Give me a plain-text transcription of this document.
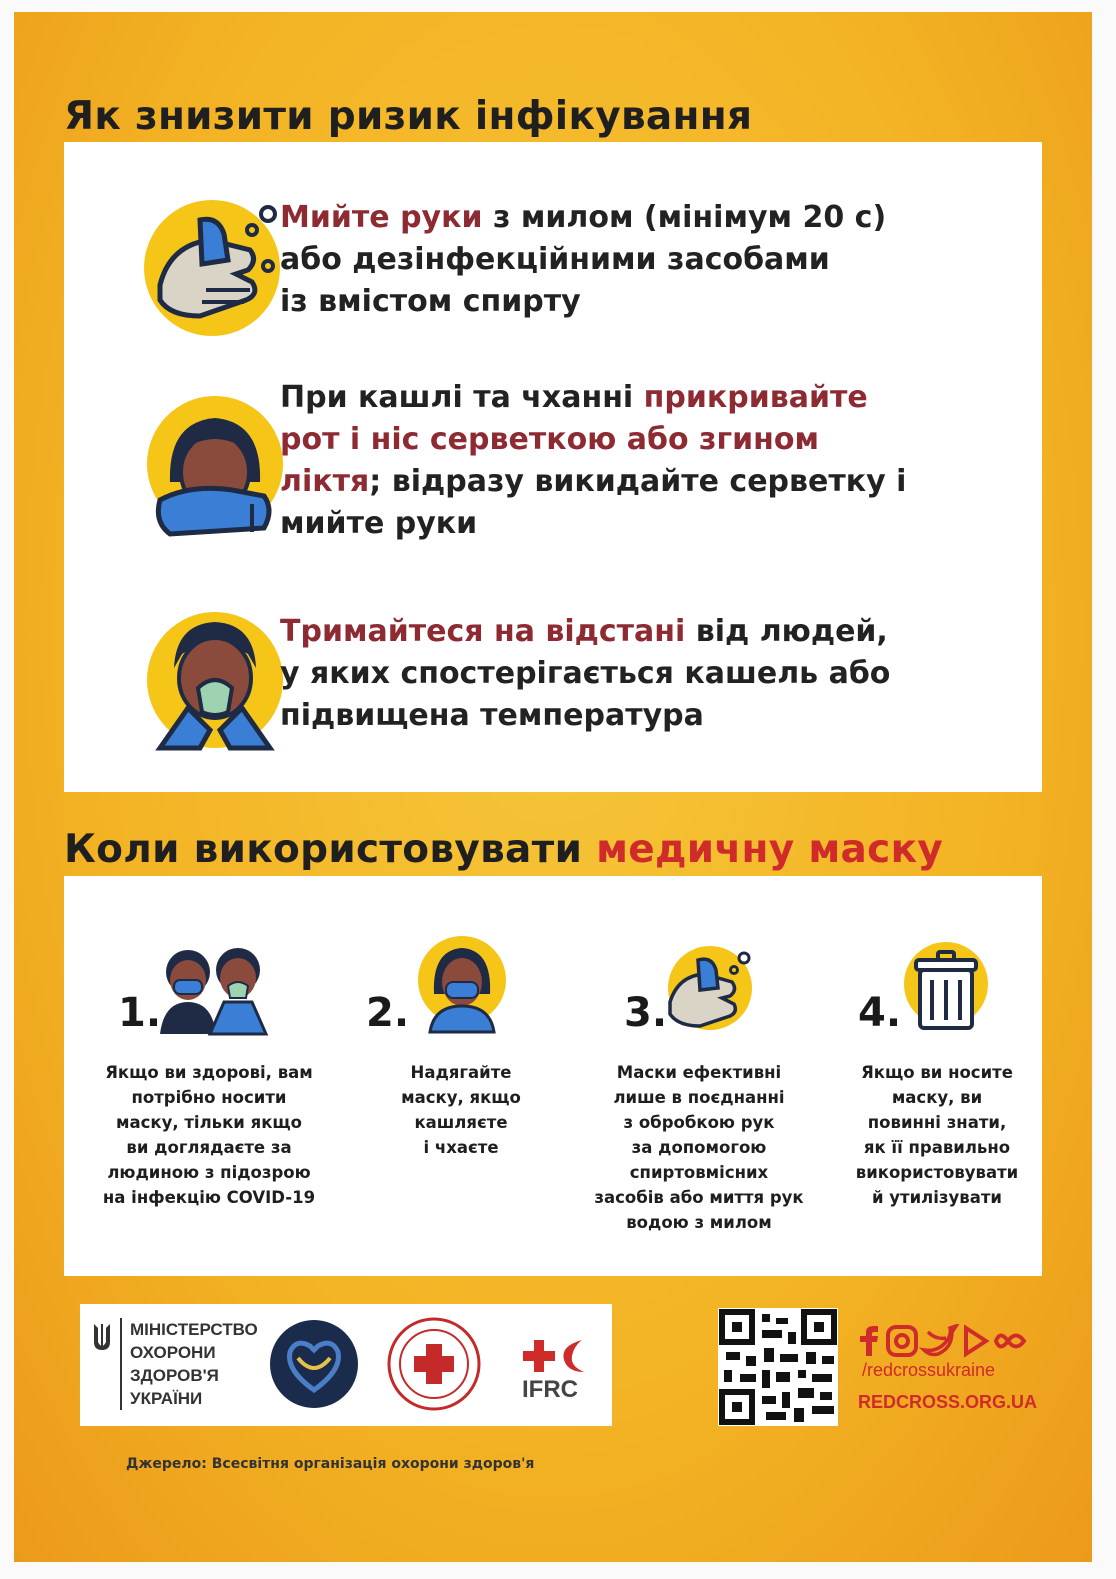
Як знизити ризик інфікування
Мийте руки з милом (мінімум 20 с)
або дезінфекційними засобами
із вмістом спирту
При кашлі та чханні прикривайте
рот і ніс серветкою або згином
ліктя; відразу викидайте серветку і
мийте руки
Тримайтеся на відстані від людей,
у яких спостерігається кашель або
підвищена температура
Коли використовувати медичну маску
1.
Якщо ви здорові, вам
потрібно носити
маску, тільки якщо
ви доглядаєте за
людиною з підозрою
на інфекцію COVID-19
2.
Надягайте
маску, якщо
кашляєте
і чхаєте
3.
Маски ефективні
лише в поєднанні
з обробкою рук
за допомогою
спиртовмісних
засобів або миття рук
водою з милом
4.
Якщо ви носите
маску, ви
повинні знати,
як її правильно
використовувати
й утилізувати
МІНІСТЕРСТВО
ОХОРОНИ
ЗДОРОВ'Я
УКРАЇНИ	IFRC
/redcrossukraine
REDCROSS.ORG.UA
Джерело: Всесвітня організація охорони здоров'я
